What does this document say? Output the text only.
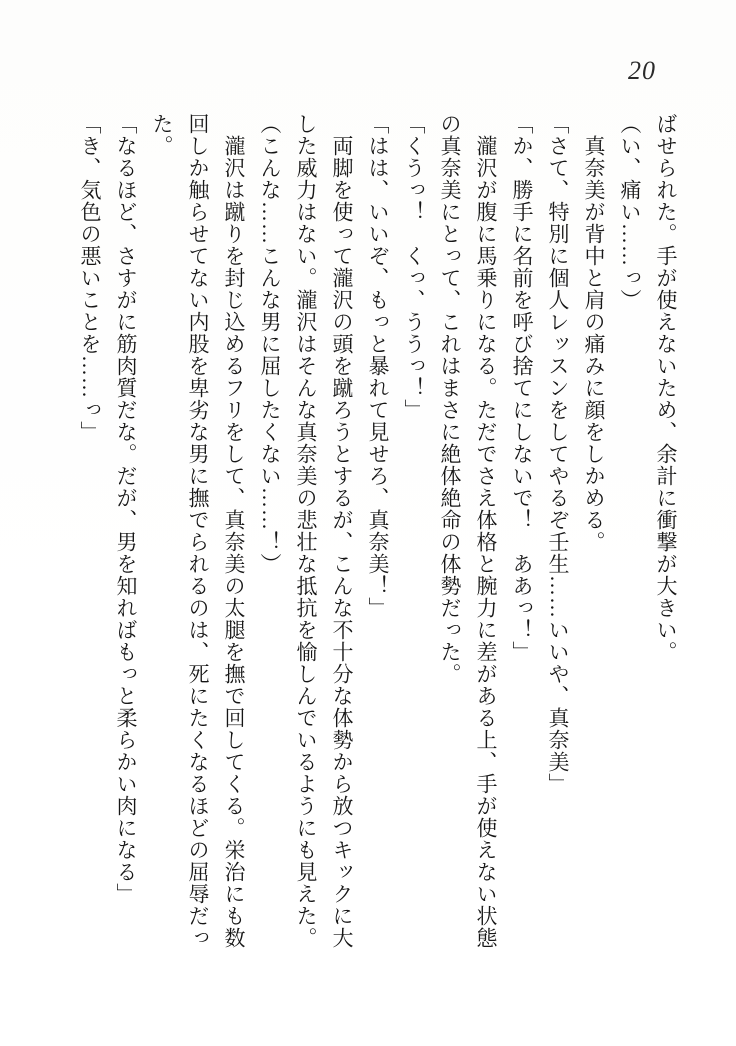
20

ばせられた。手が使えないため、余計に衝撃が大きい。

（い、痛い……っ）

真奈美が背中と肩の痛みに顔をしかめる。

「さて、特別に個人レッスンをしてやるぞ壬生……いいや、真奈美」

「か、勝手に名前を呼び捨てにしないで！　ああっ！」

瀧沢が腹に馬乗りになる。ただでさえ体格と腕力に差がある上、手が使えない状態の真奈美にとって、これはまさに絶体絶命の体勢だった。

「くうっ！　くっ、ううっ！」

「はは、いいぞ、もっと暴れて見せろ、真奈美！」

両脚を使って瀧沢の頭を蹴ろうとするが、こんな不十分な体勢から放つキックに大した威力はない。瀧沢はそんな真奈美の悲壮な抵抗を愉しんでいるようにも見えた。

（こんな……こんな男に屈したくない……！）

瀧沢は蹴りを封じ込めるフリをして、真奈美の太腿を撫で回してくる。栄治にも数回しか触らせてない内股を卑劣な男に撫でられるのは、死にたくなるほどの屈辱だった。

「なるほど、さすがに筋肉質だな。だが、男を知ればもっと柔らかい肉になる」

「き、気色の悪いことを……っ」
